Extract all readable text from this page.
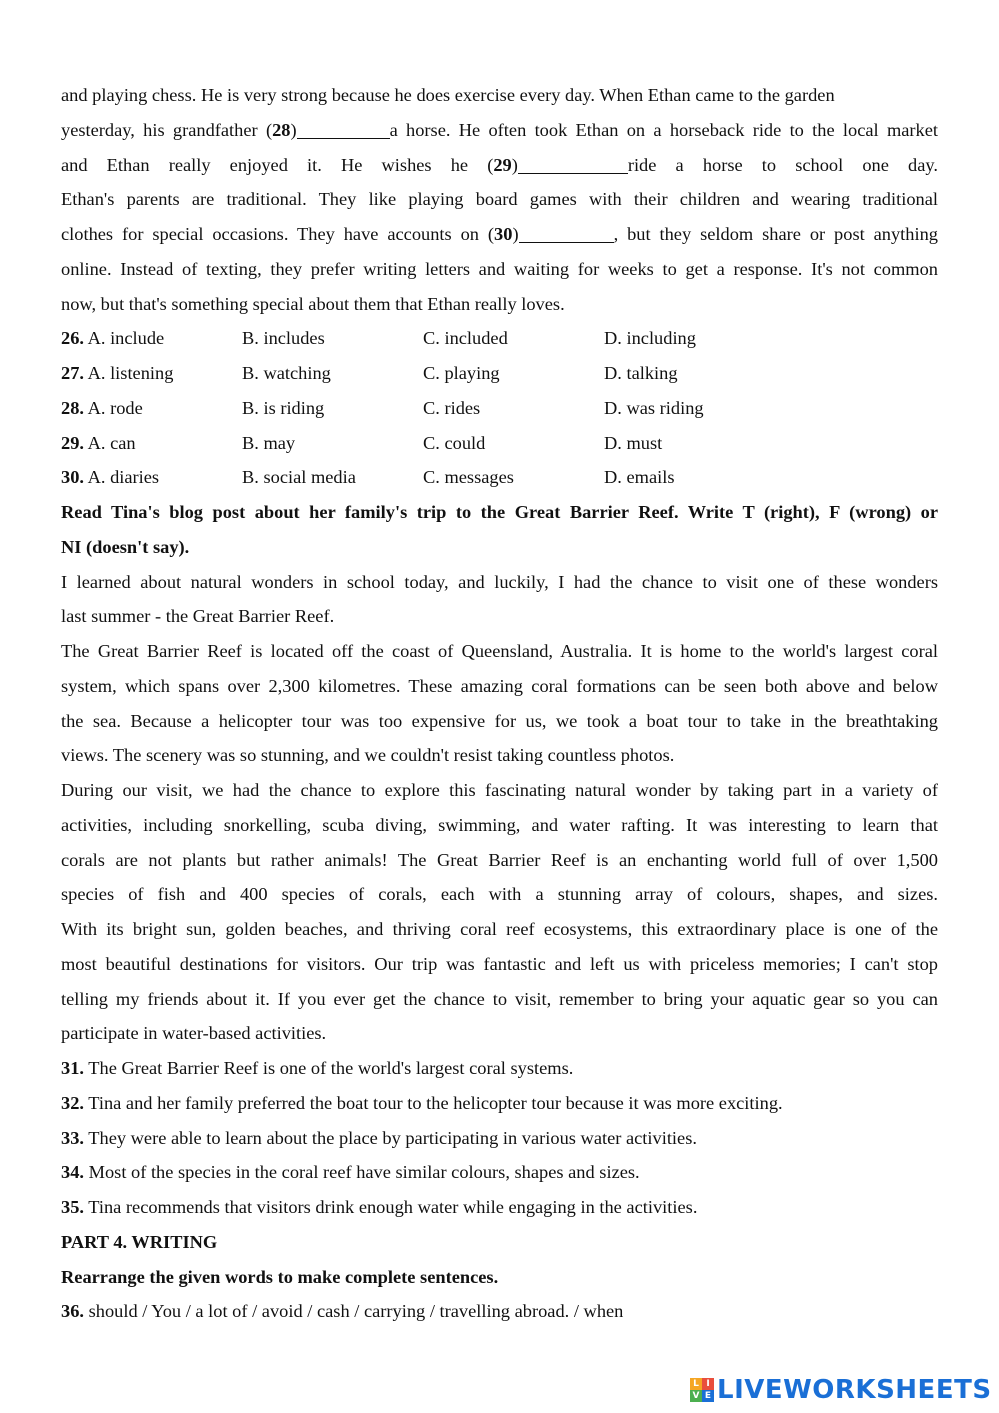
and playing chess. He is very strong because he does exercise every day. When Ethan came to the garden
yesterday, his grandfather (28)	a horse. He often took Ethan on a horseback ride to the local market
and Ethan really enjoyed it. He wishes he (29)	ride a horse to school one day.
Ethan's parents are traditional. They like playing board games with their children and wearing traditional
clothes for special occasions. They have accounts on (30)	, but they seldom share or post anything
online. Instead of texting, they prefer writing letters and waiting for weeks to get a response. It's not common
now, but that's something special about them that Ethan really loves.
26. A. include	B. includes	C. included	D. including
27. A. listening	B. watching	C. playing	D. talking
28. A. rode	B. is riding	C. rides	D. was riding
29. A. can	B. may	C. could	D. must
30. A. diaries	B. social media	C. messages	D. emails
Read Tina's blog post about her family's trip to the Great Barrier Reef. Write T (right), F (wrong) or
NI (doesn't say).
I learned about natural wonders in school today, and luckily, I had the chance to visit one of these wonders
last summer - the Great Barrier Reef.
The Great Barrier Reef is located off the coast of Queensland, Australia. It is home to the world's largest coral
system, which spans over 2,300 kilometres. These amazing coral formations can be seen both above and below
the sea. Because a helicopter tour was too expensive for us, we took a boat tour to take in the breathtaking
views. The scenery was so stunning, and we couldn't resist taking countless photos.
During our visit, we had the chance to explore this fascinating natural wonder by taking part in a variety of
activities, including snorkelling, scuba diving, swimming, and water rafting. It was interesting to learn that
corals are not plants but rather animals! The Great Barrier Reef is an enchanting world full of over 1,500
species of fish and 400 species of corals, each with a stunning array of colours, shapes, and sizes.
With its bright sun, golden beaches, and thriving coral reef ecosystems, this extraordinary place is one of the
most beautiful destinations for visitors. Our trip was fantastic and left us with priceless memories; I can't stop
telling my friends about it. If you ever get the chance to visit, remember to bring your aquatic gear so you can
participate in water-based activities.
31. The Great Barrier Reef is one of the world's largest coral systems.
32. Tina and her family preferred the boat tour to the helicopter tour because it was more exciting.
33. They were able to learn about the place by participating in various water activities.
34. Most of the species in the coral reef have similar colours, shapes and sizes.
35. Tina recommends that visitors drink enough water while engaging in the activities.
PART 4. WRITING
Rearrange the given words to make complete sentences.
36. should / You / a lot of / avoid / cash / carrying / travelling abroad. / when
L I
V E LIVEWORKSHEETS
